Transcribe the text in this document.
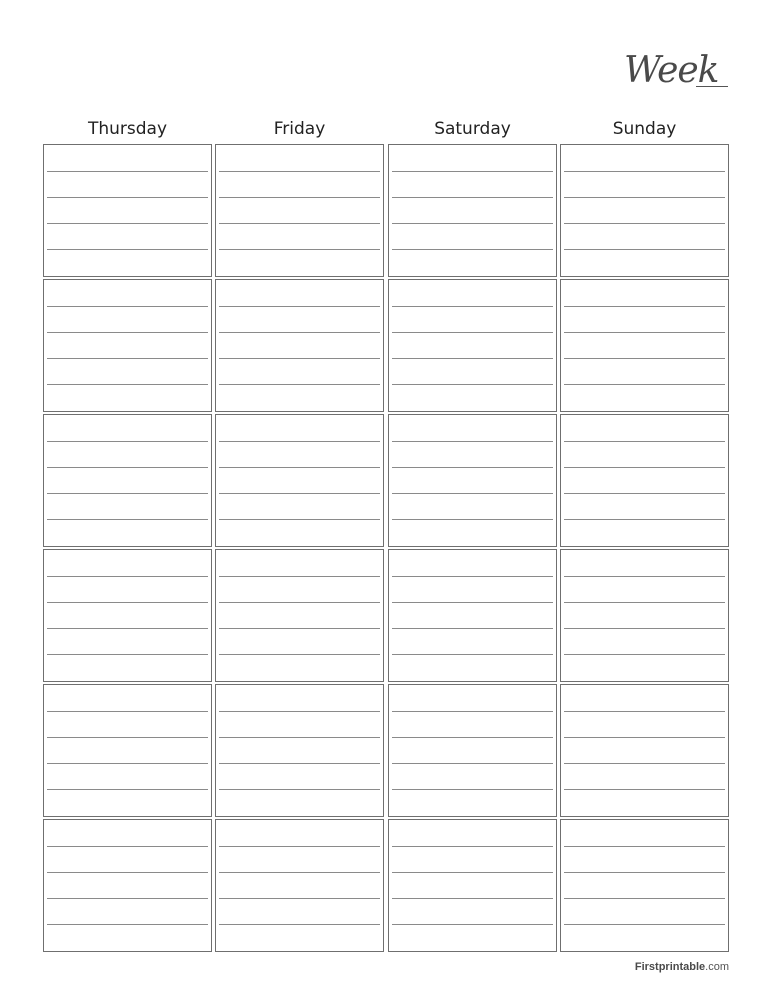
Week
Thursday	Friday	Saturday	Sunday
Firstprintable.com
